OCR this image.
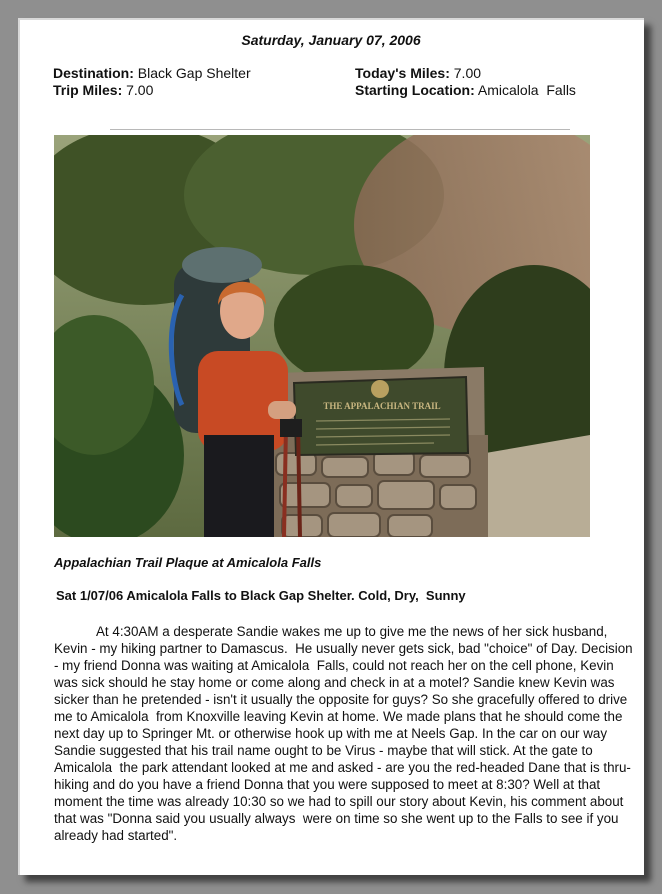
Saturday, January 07, 2006
Destination: Black Gap Shelter	Today's Miles: 7.00
Trip Miles: 7.00	Starting Location: Amicalola  Falls
THE APPALACHIAN TRAIL
Appalachian Trail Plaque at Amicalola Falls
Sat 1/07/06 Amicalola Falls to Black Gap Shelter. Cold, Dry,  Sunny

At 4:30AM a desperate Sandie wakes me up to give me the news of her sick husband, Kevin - my hiking partner to Damascus.  He usually never gets sick, bad "choice" of Day. Decision - my friend Donna was waiting at Amicalola  Falls, could not reach her on the cell phone, Kevin was sick should he stay home or come along and check in at a motel? Sandie knew Kevin was sicker than he pretended - isn't it usually the opposite for guys? So she gracefully offered to drive me to Amicalola  from Knoxville leaving Kevin at home. We made plans that he should come the next day up to Springer Mt. or otherwise hook up with me at Neels Gap. In the car on our way Sandie suggested that his trail name ought to be Virus - maybe that will stick. At the gate to Amicalola  the park attendant looked at me and asked - are you the red-headed Dane that is thru-hiking and do you have a friend Donna that you were supposed to meet at 8:30? Well at that moment the time was already 10:30 so we had to spill our story about Kevin, his comment about that was "Donna said you usually always  were on time so she went up to the Falls to see if you already had started".
